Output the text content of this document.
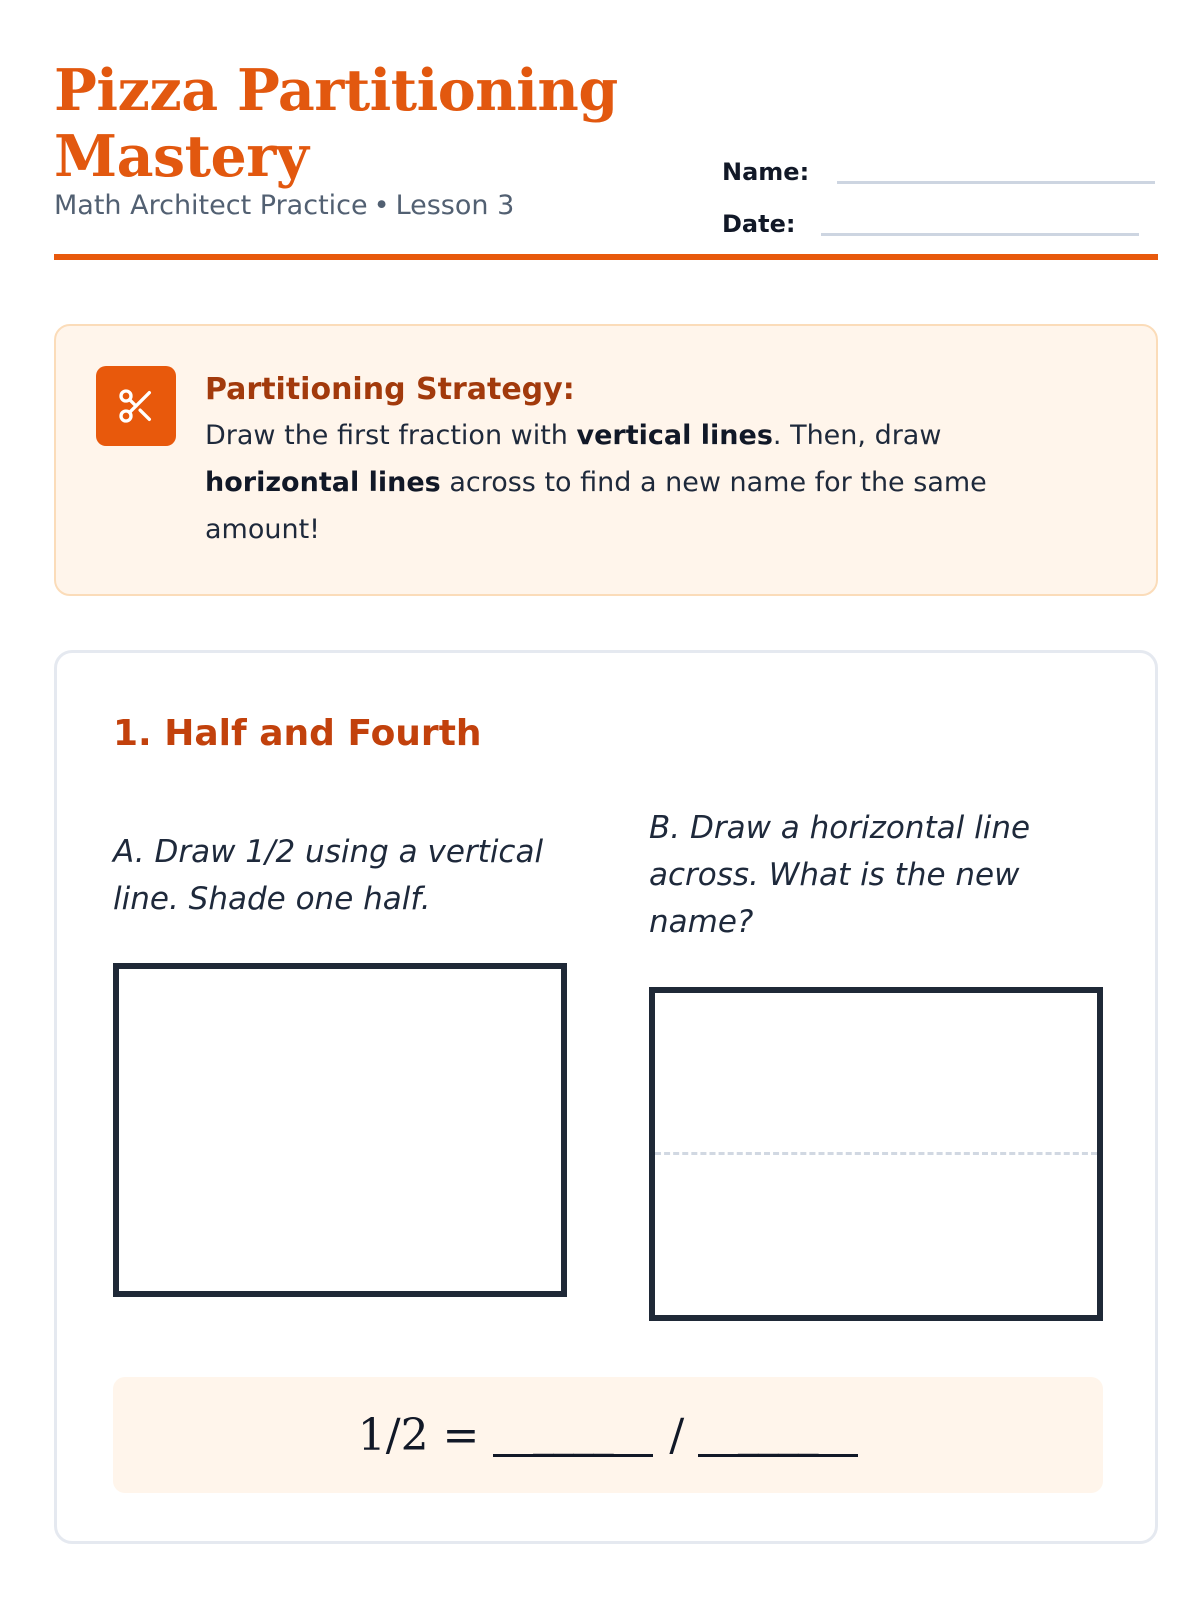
Pizza Partitioning Mastery
Math Architect Practice • Lesson 3
Name:
Date:
Partitioning Strategy:
Draw the first fraction with vertical lines. Then, draw horizontal lines across to find a new name for the same amount!
1. Half and Fourth
A. Draw 1/2 using a vertical line. Shade one half.
B. Draw a horizontal line across. What is the new name?
1/2 =	____	/	____
